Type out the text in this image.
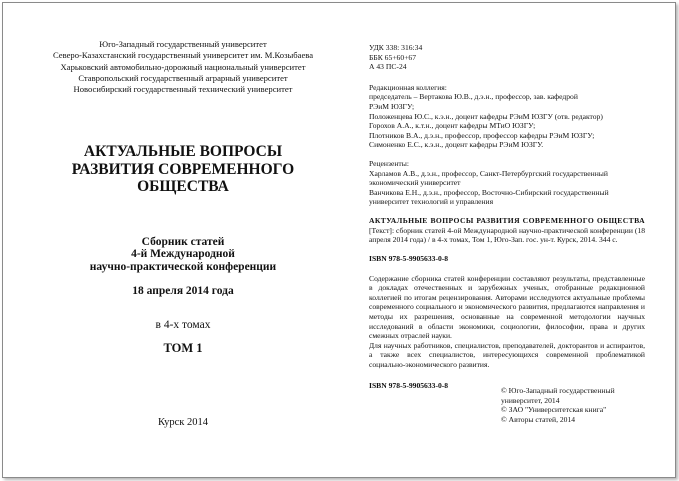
Юго-Западный государственный университет
Северо-Казахстанский государственный университет им. М.Козыбаева
Харьковский автомобильно-дорожный национальный университет
Ставропольский государственный аграрный университет
Новосибирский государственный технический университет
АКТУАЛЬНЫЕ ВОПРОСЫ
РАЗВИТИЯ СОВРЕМЕННОГО
ОБЩЕСТВА
Сборник статей
4-й Международной
научно-практической конференции
18 апреля 2014 года
в 4-х томах
ТОМ 1
Курск 2014
УДК 338: 316:34
ББК 65+60+67
А 43 ПС-24
Редакционная коллегия:
председатель – Вертакова Ю.В., д.э.н., профессор, зав. кафедрой
РЭиМ ЮЗГУ;
Положенцева Ю.С., к.э.н., доцент кафедры РЭиМ ЮЗГУ (отв. редактор)
Горохов А.А., к.т.н., доцент кафедры МТиО ЮЗГУ;
Плотников В.А., д.э.н., профессор, профессор кафедры РЭиМ ЮЗГУ;
Симоненко Е.С., к.э.н., доцент кафедры РЭиМ ЮЗГУ.
Рецензенты:
Харламов А.В., д.э.н., профессор, Санкт-Петербургский государственный
экономический университет
Ванчикова Е.Н., д.э.н., профессор, Восточно-Сибирский государственный
университет технологий и управления
АКТУАЛЬНЫЕ ВОПРОСЫ РАЗВИТИЯ СОВРЕМЕННОГО ОБЩЕСТВА [Текст]: сборник статей 4-ой Международной научно-практической конференции (18 апреля 2014 года) / в 4-х томах, Том 1, Юго-Зап. гос. ун-т. Курск, 2014. 344 с.
ISBN 978-5-9905633-0-8
Содержание сборника статей конференции составляют результаты, представленные в докладах отечественных и зарубежных ученых, отобранные редакционной коллегией по итогам рецензирования. Авторами исследуются актуальные проблемы современного социального и экономического развития, предлагаются направления и методы их разрешения, основанные на современной методологии научных исследований в области экономики, социологии, философии, права и других смежных отраслей науки.
Для научных работников, специалистов, преподавателей, докторантов и аспирантов, а также всех специалистов, интересующихся современной проблематикой социально-экономического развития.
ISBN 978-5-9905633-0-8
© Юго-Западный государственный
университет, 2014
© ЗАО "Университетская книга"
© Авторы статей, 2014
